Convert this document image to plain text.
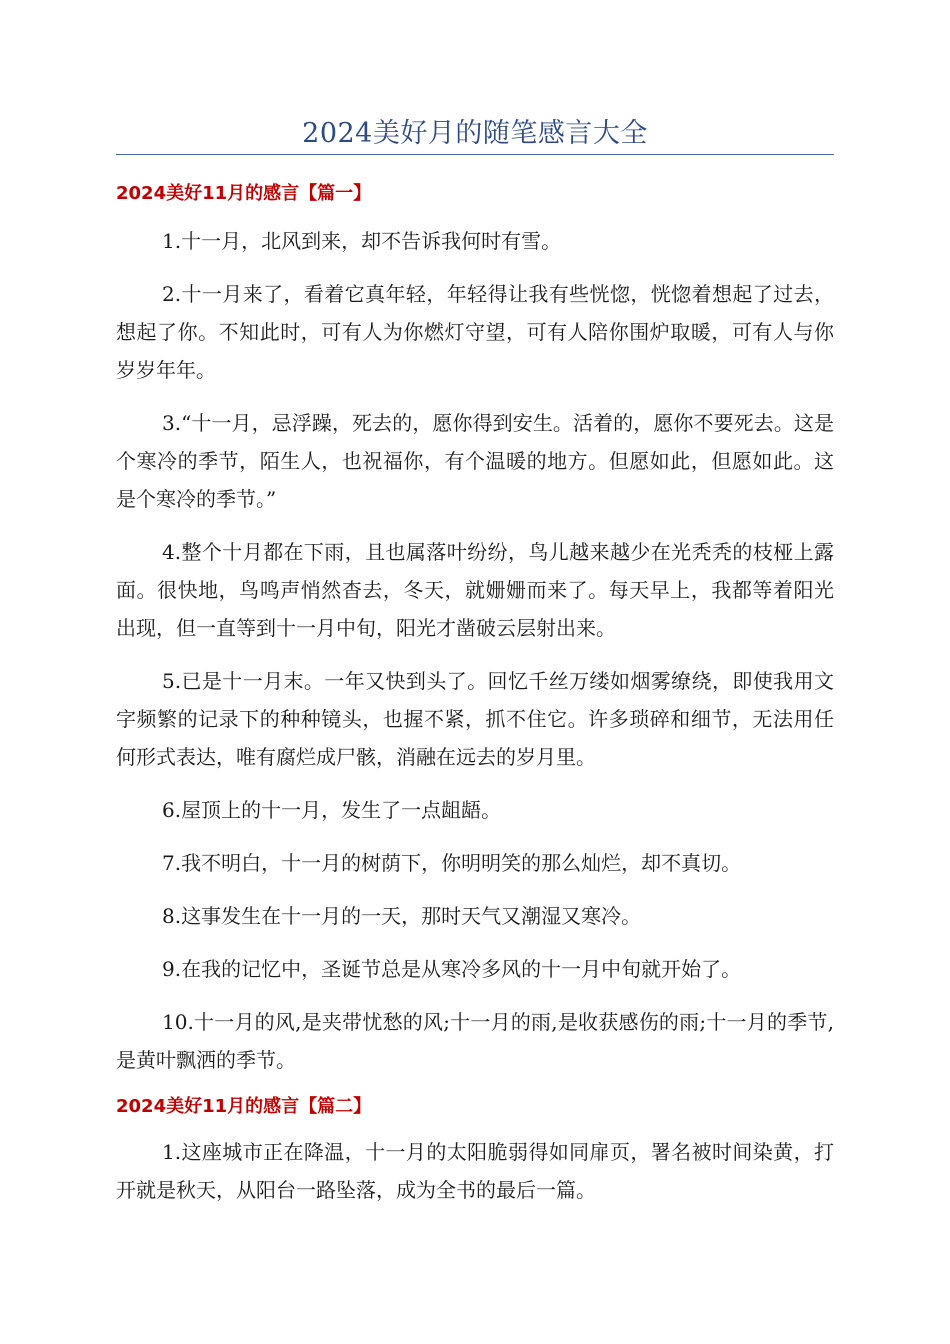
2024美好月的随笔感言大全
2024美好11月的感言【篇一】

1.十一月，北风到来，却不告诉我何时有雪。

2.十一月来了，看着它真年轻，年轻得让我有些恍惚，恍惚着想起了过去，想起了你。不知此时，可有人为你燃灯守望，可有人陪你围炉取暖，可有人与你岁岁年年。

3.“十一月，忌浮躁，死去的，愿你得到安生。活着的，愿你不要死去。这是个寒冷的季节，陌生人，也祝福你，有个温暖的地方。但愿如此，但愿如此。这是个寒冷的季节。”

4.整个十月都在下雨，且也属落叶纷纷，鸟儿越来越少在光秃秃的枝桠上露面。很快地，鸟鸣声悄然杳去，冬天，就姗姗而来了。每天早上，我都等着阳光出现，但一直等到十一月中旬，阳光才凿破云层射出来。

5.已是十一月末。一年又快到头了。回忆千丝万缕如烟雾缭绕，即使我用文字频繁的记录下的种种镜头，也握不紧，抓不住它。许多琐碎和细节，无法用任何形式表达，唯有腐烂成尸骸，消融在远去的岁月里。

6.屋顶上的十一月，发生了一点龃龉。

7.我不明白，十一月的树荫下，你明明笑的那么灿烂，却不真切。

8.这事发生在十一月的一天，那时天气又潮湿又寒冷。

9.在我的记忆中，圣诞节总是从寒冷多风的十一月中旬就开始了。

10.十一月的风,是夹带忧愁的风;十一月的雨,是收获感伤的雨;十一月的季节,是黄叶飘洒的季节。

2024美好11月的感言【篇二】

1.这座城市正在降温，十一月的太阳脆弱得如同扉页，署名被时间染黄，打开就是秋天，从阳台一路坠落，成为全书的最后一篇。
